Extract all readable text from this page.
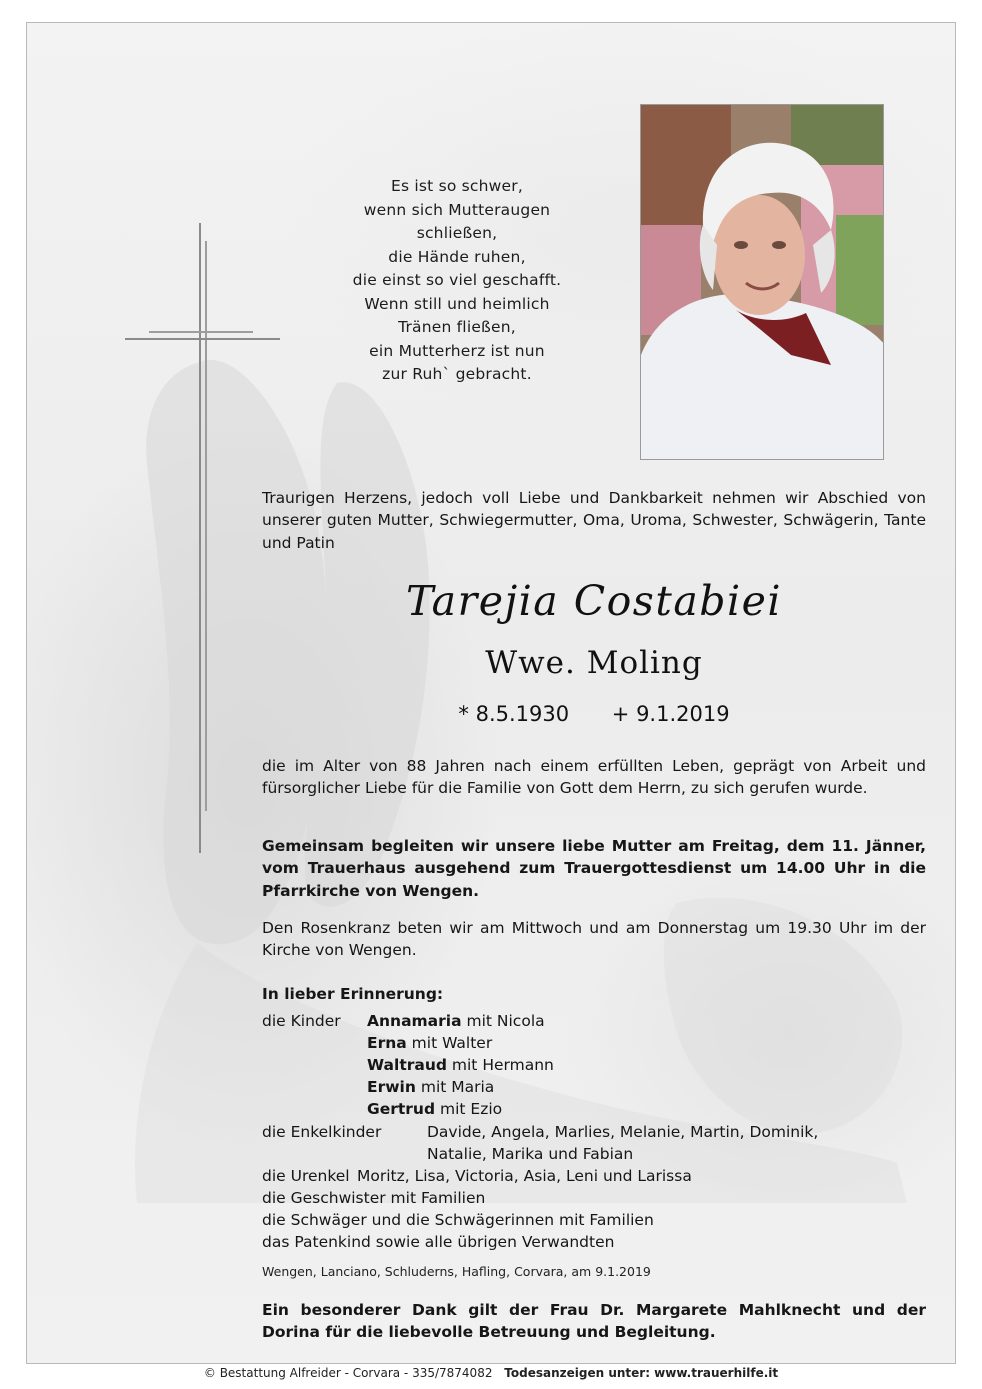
Es ist so schwer,
wenn sich Mutteraugen
schließen,
die Hände ruhen,
die einst so viel geschafft.
Wenn still und heimlich
Tränen fließen,
ein Mutterherz ist nun
zur Ruh` gebracht.
Traurigen Herzens, jedoch voll Liebe und Dankbarkeit nehmen wir Abschied von unserer guten Mutter, Schwiegermutter, Oma, Uroma, Schwester, Schwägerin, Tante und Patin
Tarejia Costabiei
Wwe. Moling
* 8.5.1930 + 9.1.2019
die im Alter von 88 Jahren nach einem erfüllten Leben, geprägt von Arbeit und fürsorglicher Liebe für die Familie von Gott dem Herrn, zu sich gerufen wurde.
Gemeinsam begleiten wir unsere liebe Mutter am Freitag, dem 11. Jänner, vom Trauerhaus ausgehend zum Trauergottesdienst um 14.00 Uhr in die Pfarrkirche von Wengen.
Den Rosenkranz beten wir am Mittwoch und am Donnerstag um 19.30 Uhr im der Kirche von Wengen.
In lieber Erinnerung:
die Kinder Annamaria mit Nicola
Erna mit Walter
Waltraud mit Hermann
Erwin mit Maria
Gertrud mit Ezio
die Enkelkinder	Davide, Angela, Marlies, Melanie, Martin, Dominik,
Natalie, Marika und Fabian
die Urenkel Moritz, Lisa, Victoria, Asia, Leni und Larissa
die Geschwister mit Familien
die Schwäger und die Schwägerinnen mit Familien
das Patenkind sowie alle übrigen Verwandten
Wengen, Lanciano, Schluderns, Hafling, Corvara, am 9.1.2019
Ein besonderer Dank gilt der Frau Dr. Margarete Mahlknecht und der Dorina für die liebevolle Betreuung und Begleitung.
© Bestattung Alfreider - Corvara - 335/7874082 Todesanzeigen unter: www.trauerhilfe.it
